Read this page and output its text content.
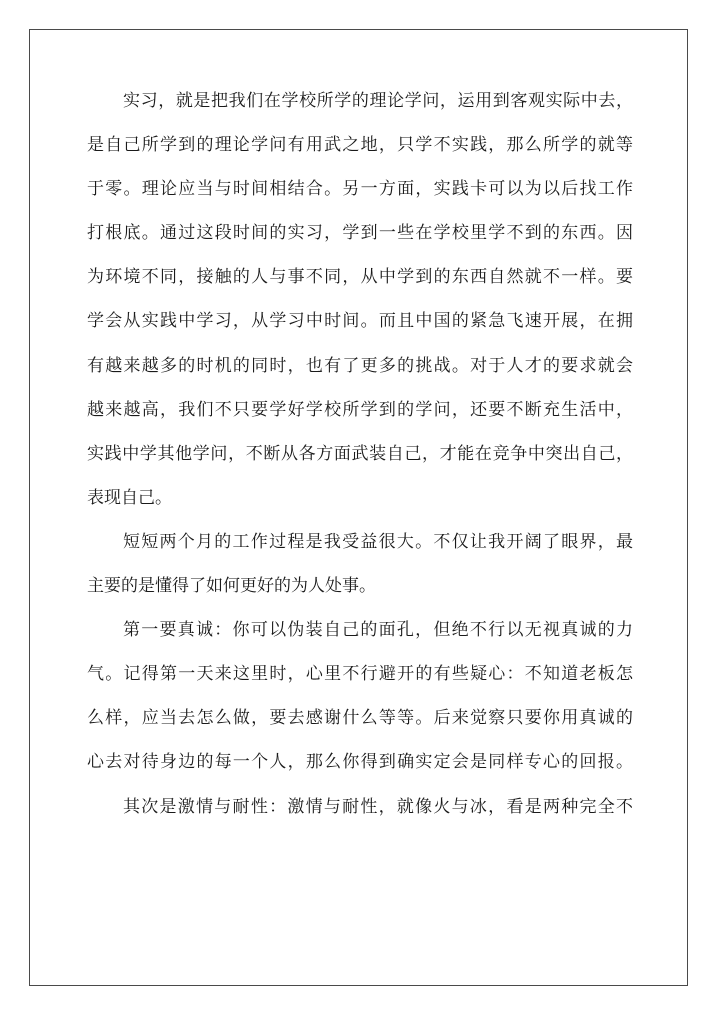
实习，就是把我们在学校所学的理论学问，运用到客观实际中去，
是自己所学到的理论学问有用武之地，只学不实践，那么所学的就等
于零。理论应当与时间相结合。另一方面，实践卡可以为以后找工作
打根底。通过这段时间的实习，学到一些在学校里学不到的东西。因
为环境不同，接触的人与事不同，从中学到的东西自然就不一样。要
学会从实践中学习，从学习中时间。而且中国的紧急飞速开展，在拥
有越来越多的时机的同时，也有了更多的挑战。对于人才的要求就会
越来越高，我们不只要学好学校所学到的学问，还要不断充生活中，
实践中学其他学问，不断从各方面武装自己，才能在竞争中突出自己，
表现自己。
短短两个月的工作过程是我受益很大。不仅让我开阔了眼界，最
主要的是懂得了如何更好的为人处事。
第一要真诚：你可以伪装自己的面孔，但绝不行以无视真诚的力
气。记得第一天来这里时，心里不行避开的有些疑心：不知道老板怎
么样，应当去怎么做，要去感谢什么等等。后来觉察只要你用真诚的
心去对待身边的每一个人，那么你得到确实定会是同样专心的回报。
其次是激情与耐性：激情与耐性，就像火与冰，看是两种完全不
